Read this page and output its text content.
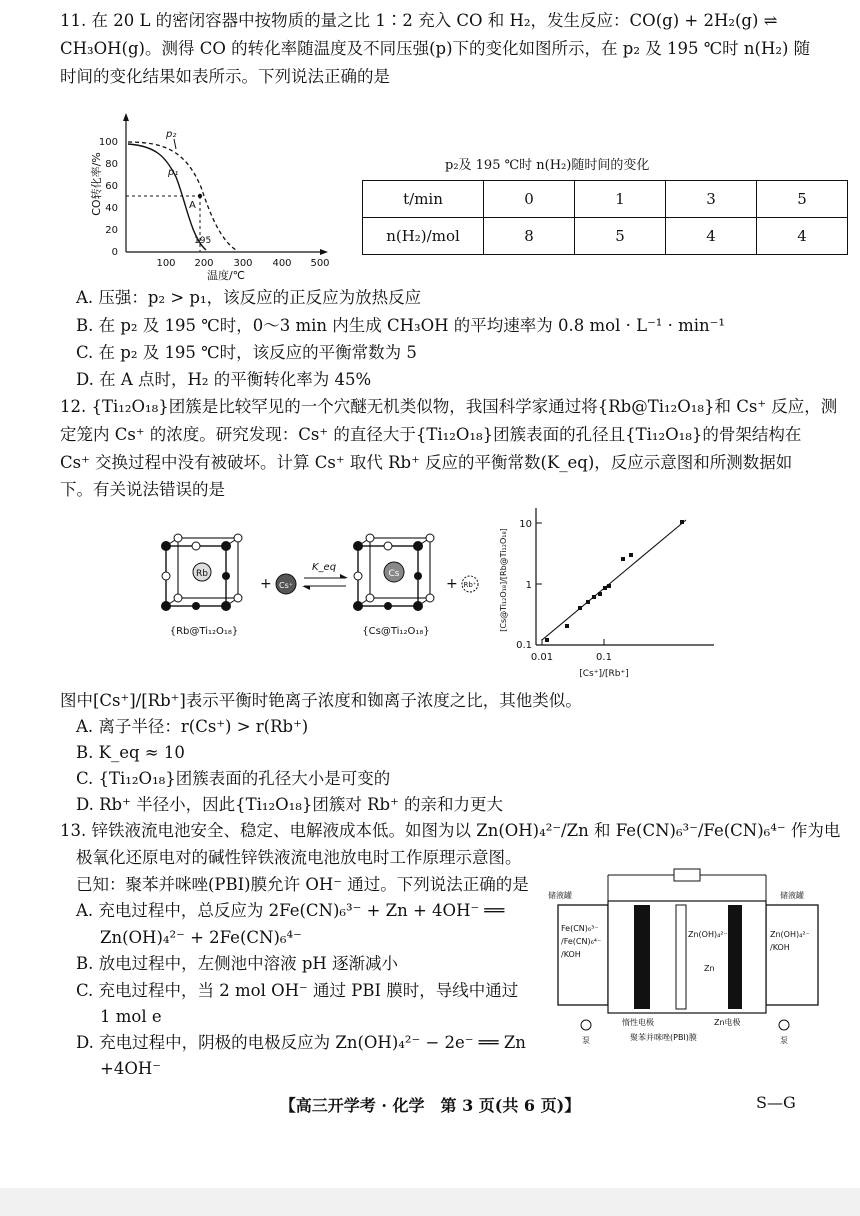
11. 在 20 L 的密闭容器中按物质的量之比 1∶2 充入 CO 和 H₂，发生反应：CO(g) + 2H₂(g) ⇌
CH₃OH(g)。测得 CO 的转化率随温度及不同压强(p)下的变化如图所示，在 p₂ 及 195 ℃时 n(H₂) 随
时间的变化结果如表所示。下列说法正确的是
0
20
40
60
80
100
100 200 300 400 500
温度/℃
CO转化率/%	A
195
p₁
p₂
p₂及 195 ℃时 n(H₂)随时间的变化
t/min	0	1	3	5
n(H₂)/mol	8	5	4	4
A. 压强：p₂ > p₁，该反应的正反应为放热反应
B. 在 p₂ 及 195 ℃时，0～3 min 内生成 CH₃OH 的平均速率为 0.8 mol · L⁻¹ · min⁻¹
C. 在 p₂ 及 195 ℃时，该反应的平衡常数为 5
D. 在 A 点时，H₂ 的平衡转化率为 45%
12. {Ti₁₂O₁₈}团簇是比较罕见的一个穴醚无机类似物，我国科学家通过将{Rb@Ti₁₂O₁₈}和 Cs⁺ 反应，测
定笼内 Cs⁺ 的浓度。研究发现：Cs⁺ 的直径大于{Ti₁₂O₁₈}团簇表面的孔径且{Ti₁₂O₁₈}的骨架结构在
Cs⁺ 交换过程中没有被破坏。计算 Cs⁺ 取代 Rb⁺ 反应的平衡常数(K_eq)，反应示意图和所测数据如
下。有关说法错误的是
Rb
{Rb@Ti₁₂O₁₈}
+ Cs⁺
K_eq
Cs
{Cs@Ti₁₂O₁₈}
+ Rb⁺
0.1
1
10
0.01	0.1
[Cs⁺]/[Rb⁺]
[Cs@Ti₁₂O₁₈]/[Rb@Ti₁₂O₁₈]
图中[Cs⁺]/[Rb⁺]表示平衡时铯离子浓度和铷离子浓度之比，其他类似。
A. 离子半径：r(Cs⁺) > r(Rb⁺)
B. K_eq ≈ 10
C. {Ti₁₂O₁₈}团簇表面的孔径大小是可变的
D. Rb⁺ 半径小，因此{Ti₁₂O₁₈}团簇对 Rb⁺ 的亲和力更大
13. 锌铁液流电池安全、稳定、电解液成本低。如图为以 Zn(OH)₄²⁻/Zn 和 Fe(CN)₆³⁻/Fe(CN)₆⁴⁻ 作为电
极氧化还原电对的碱性锌铁液流电池放电时工作原理示意图。
已知：聚苯并咪唑(PBI)膜允许 OH⁻ 通过。下列说法正确的是
A. 充电过程中，总反应为 2Fe(CN)₆³⁻ + Zn + 4OH⁻ ══
Zn(OH)₄²⁻ + 2Fe(CN)₆⁴⁻
B. 放电过程中，左侧池中溶液 pH 逐渐减小
C. 充电过程中，当 2 mol OH⁻ 通过 PBI 膜时，导线中通过
1 mol e
D. 充电过程中，阴极的电极反应为 Zn(OH)₄²⁻ − 2e⁻ ══ Zn
+4OH⁻
储液罐	储液罐
Fe(CN)₆³⁻
/Fe(CN)₆⁴⁻
/KOH
Zn(OH)₄²⁻
Zn
Zn(OH)₄²⁻
/KOH
惰性电极	Zn电极
聚苯并咪唑(PBI)膜
泵	泵
【高三开学考 · 化学　第 3 页(共 6 页)】	S—G
